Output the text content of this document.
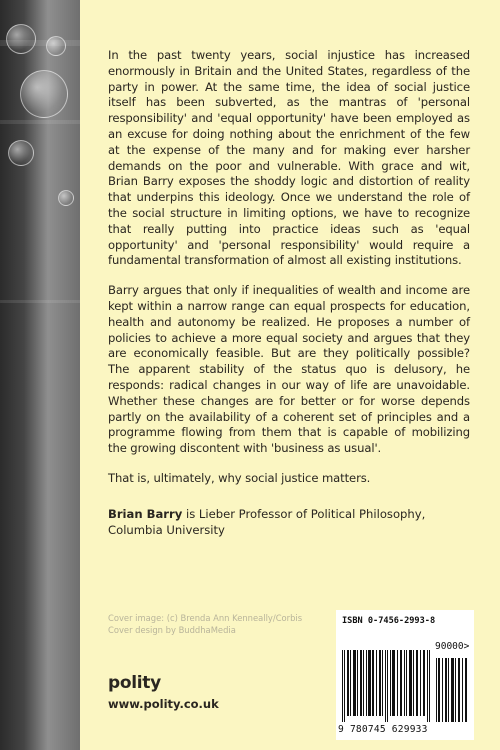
In the past twenty years, social injustice has increased enormously in Britain and the United States, regardless of the party in power. At the same time, the idea of social justice itself has been subverted, as the mantras of 'personal responsibility' and 'equal opportunity' have been employed as an excuse for doing nothing about the enrichment of the few at the expense of the many and for making ever harsher demands on the poor and vulnerable. With grace and wit, Brian Barry exposes the shoddy logic and distortion of reality that underpins this ideology. Once we understand the role of the social structure in limiting options, we have to recognize that really putting into practice ideas such as 'equal opportunity' and 'personal responsibility' would require a fundamental transformation of almost all existing institutions.

Barry argues that only if inequalities of wealth and income are kept within a narrow range can equal prospects for education, health and autonomy be realized. He proposes a number of policies to achieve a more equal society and argues that they are economically feasible. But are they politically possible? The apparent stability of the status quo is delusory, he responds: radical changes in our way of life are unavoidable. Whether these changes are for better or for worse depends partly on the availability of a coherent set of principles and a programme flowing from them that is capable of mobilizing the growing discontent with 'business as usual'.

That is, ultimately, why social justice matters.

Brian Barry is Lieber Professor of Political Philosophy, Columbia University
Cover image: (c) Brenda Ann Kenneally/Corbis
Cover design by BuddhaMedia
polity
www.polity.co.uk
ISBN 0-7456-2993-8
90000>
9 780745 629933
